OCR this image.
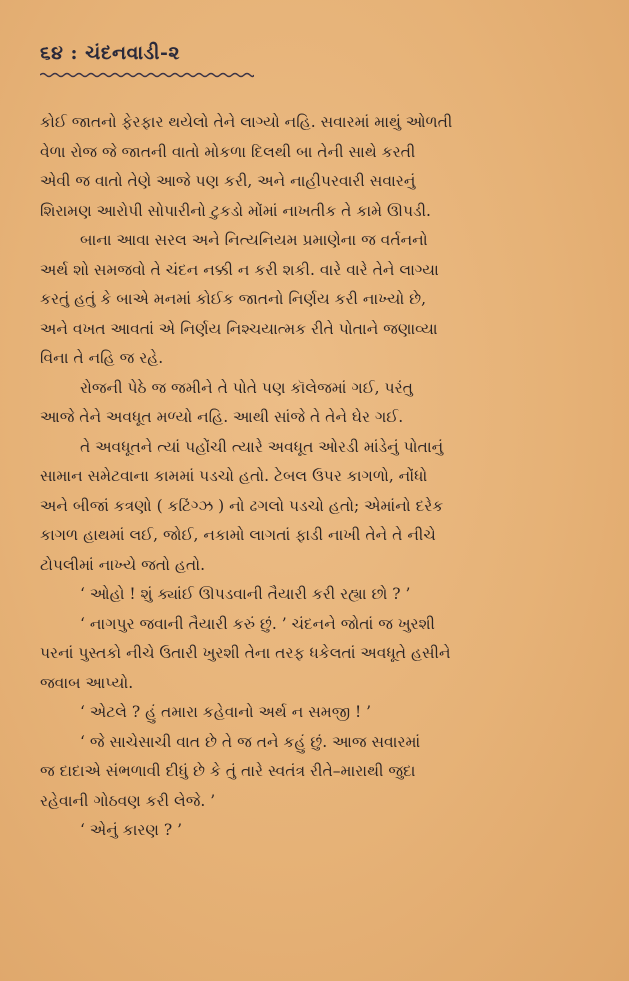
૬૪ : ચંદનવાડી-૨
કોઈ જાતનો ફેરફાર થયેલો તેને લાગ્યો નહિ. સવારમાં માથું ઓળતી
વેળા રોજ જે જાતની વાતો મોકળા દિલથી બા તેની સાથે કરતી
એવી જ વાતો તેણે આજે પણ કરી, અને નાહીપરવારી સવારનું
શિરામણ આરોપી સોપારીનો ટુકડો મોંમાં નાખતીક તે કામે ઊપડી.
બાના આવા સરલ અને નિત્યનિયમ પ્રમાણેના જ વર્તનનો
અર્થ શો સમજવો તે ચંદન નક્કી ન કરી શકી. વારે વારે તેને લાગ્યા
કરતું હતું કે બાએ મનમાં કોઈક જાતનો નિર્ણય કરી નાખ્યો છે,
અને વખત આવતાં એ નિર્ણય નિશ્ચયાત્મક રીતે પોતાને જણાવ્યા
વિના તે નહિ જ રહે.
રોજની પેઠે જ જમીને તે પોતે પણ કૉલેજમાં ગઈ, પરંતુ
આજે તેને અવધૂત મળ્યો નહિ. આથી સાંજે તે તેને ઘેર ગઈ.
તે અવધૂતને ત્યાં પહોંચી ત્યારે અવધૂત ઓરડી માંડેનું પોતાનું
સામાન સમેટવાના કામમાં પડચો હતો. ટેબલ ઉપર કાગળો, નોંધો
અને બીજાં કત્રણો ( કટિંગ્ઝ ) નો ઢગલો પડચો હતો; એમાંનો દરેક
કાગળ હાથમાં લઈ, જોઈ, નકામો લાગતાં ફાડી નાખી તેને તે નીચે
ટોપલીમાં નાખ્યે જતો હતો.
‘ ઓહો ! શું ક્યાંઈ ઊપડવાની તૈયારી કરી રહ્યા છો ? ’
‘ નાગપુર જવાની તૈયારી કરું છું. ’ ચંદનને જોતાં જ ખુરશી
પરનાં પુસ્તકો નીચે ઉતારી ખુરશી તેના તરફ ધકેલતાં અવધૂતે હસીને
જવાબ આપ્યો.
‘ એટલે ? હું તમારા કહેવાનો અર્થ ન સમજી ! ’
‘ જે સાચેસાચી વાત છે તે જ તને કહું છું. આજ સવારમાં
જ દાદાએ સંભળાવી દીધું છે કે તું તારે સ્વતંત્ર રીતે–મારાથી જુદા
રહેવાની ગોઠવણ કરી લેજે. ’
‘ એનું કારણ ? ’
